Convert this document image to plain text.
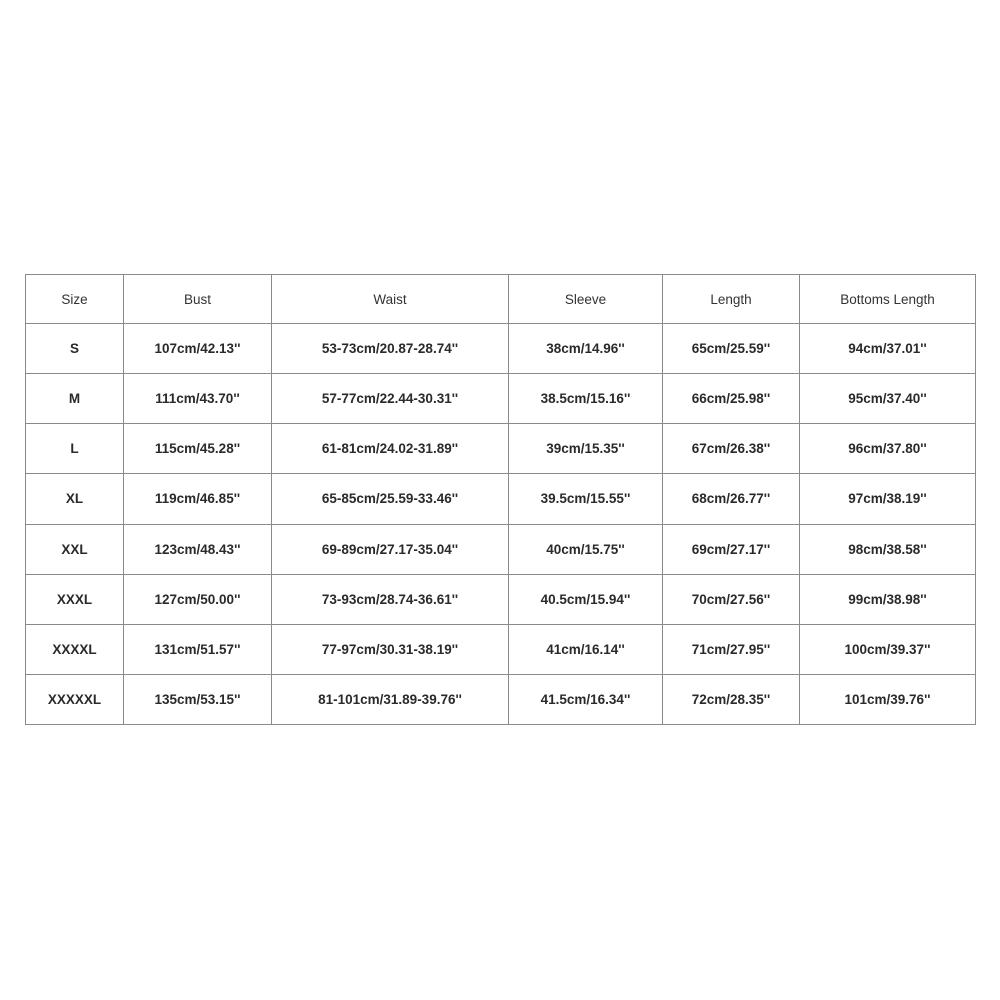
Size	Bust	Waist	Sleeve	Length	Bottoms Length
S	107cm/42.13''	53-73cm/20.87-28.74''	38cm/14.96''	65cm/25.59''	94cm/37.01''
M	111cm/43.70''	57-77cm/22.44-30.31''	38.5cm/15.16''	66cm/25.98''	95cm/37.40''
L	115cm/45.28''	61-81cm/24.02-31.89''	39cm/15.35''	67cm/26.38''	96cm/37.80''
XL	119cm/46.85''	65-85cm/25.59-33.46''	39.5cm/15.55''	68cm/26.77''	97cm/38.19''
XXL	123cm/48.43''	69-89cm/27.17-35.04''	40cm/15.75''	69cm/27.17''	98cm/38.58''
XXXL	127cm/50.00''	73-93cm/28.74-36.61''	40.5cm/15.94''	70cm/27.56''	99cm/38.98''
XXXXL	131cm/51.57''	77-97cm/30.31-38.19''	41cm/16.14''	71cm/27.95''	100cm/39.37''
XXXXXL	135cm/53.15''	81-101cm/31.89-39.76''	41.5cm/16.34''	72cm/28.35''	101cm/39.76''
